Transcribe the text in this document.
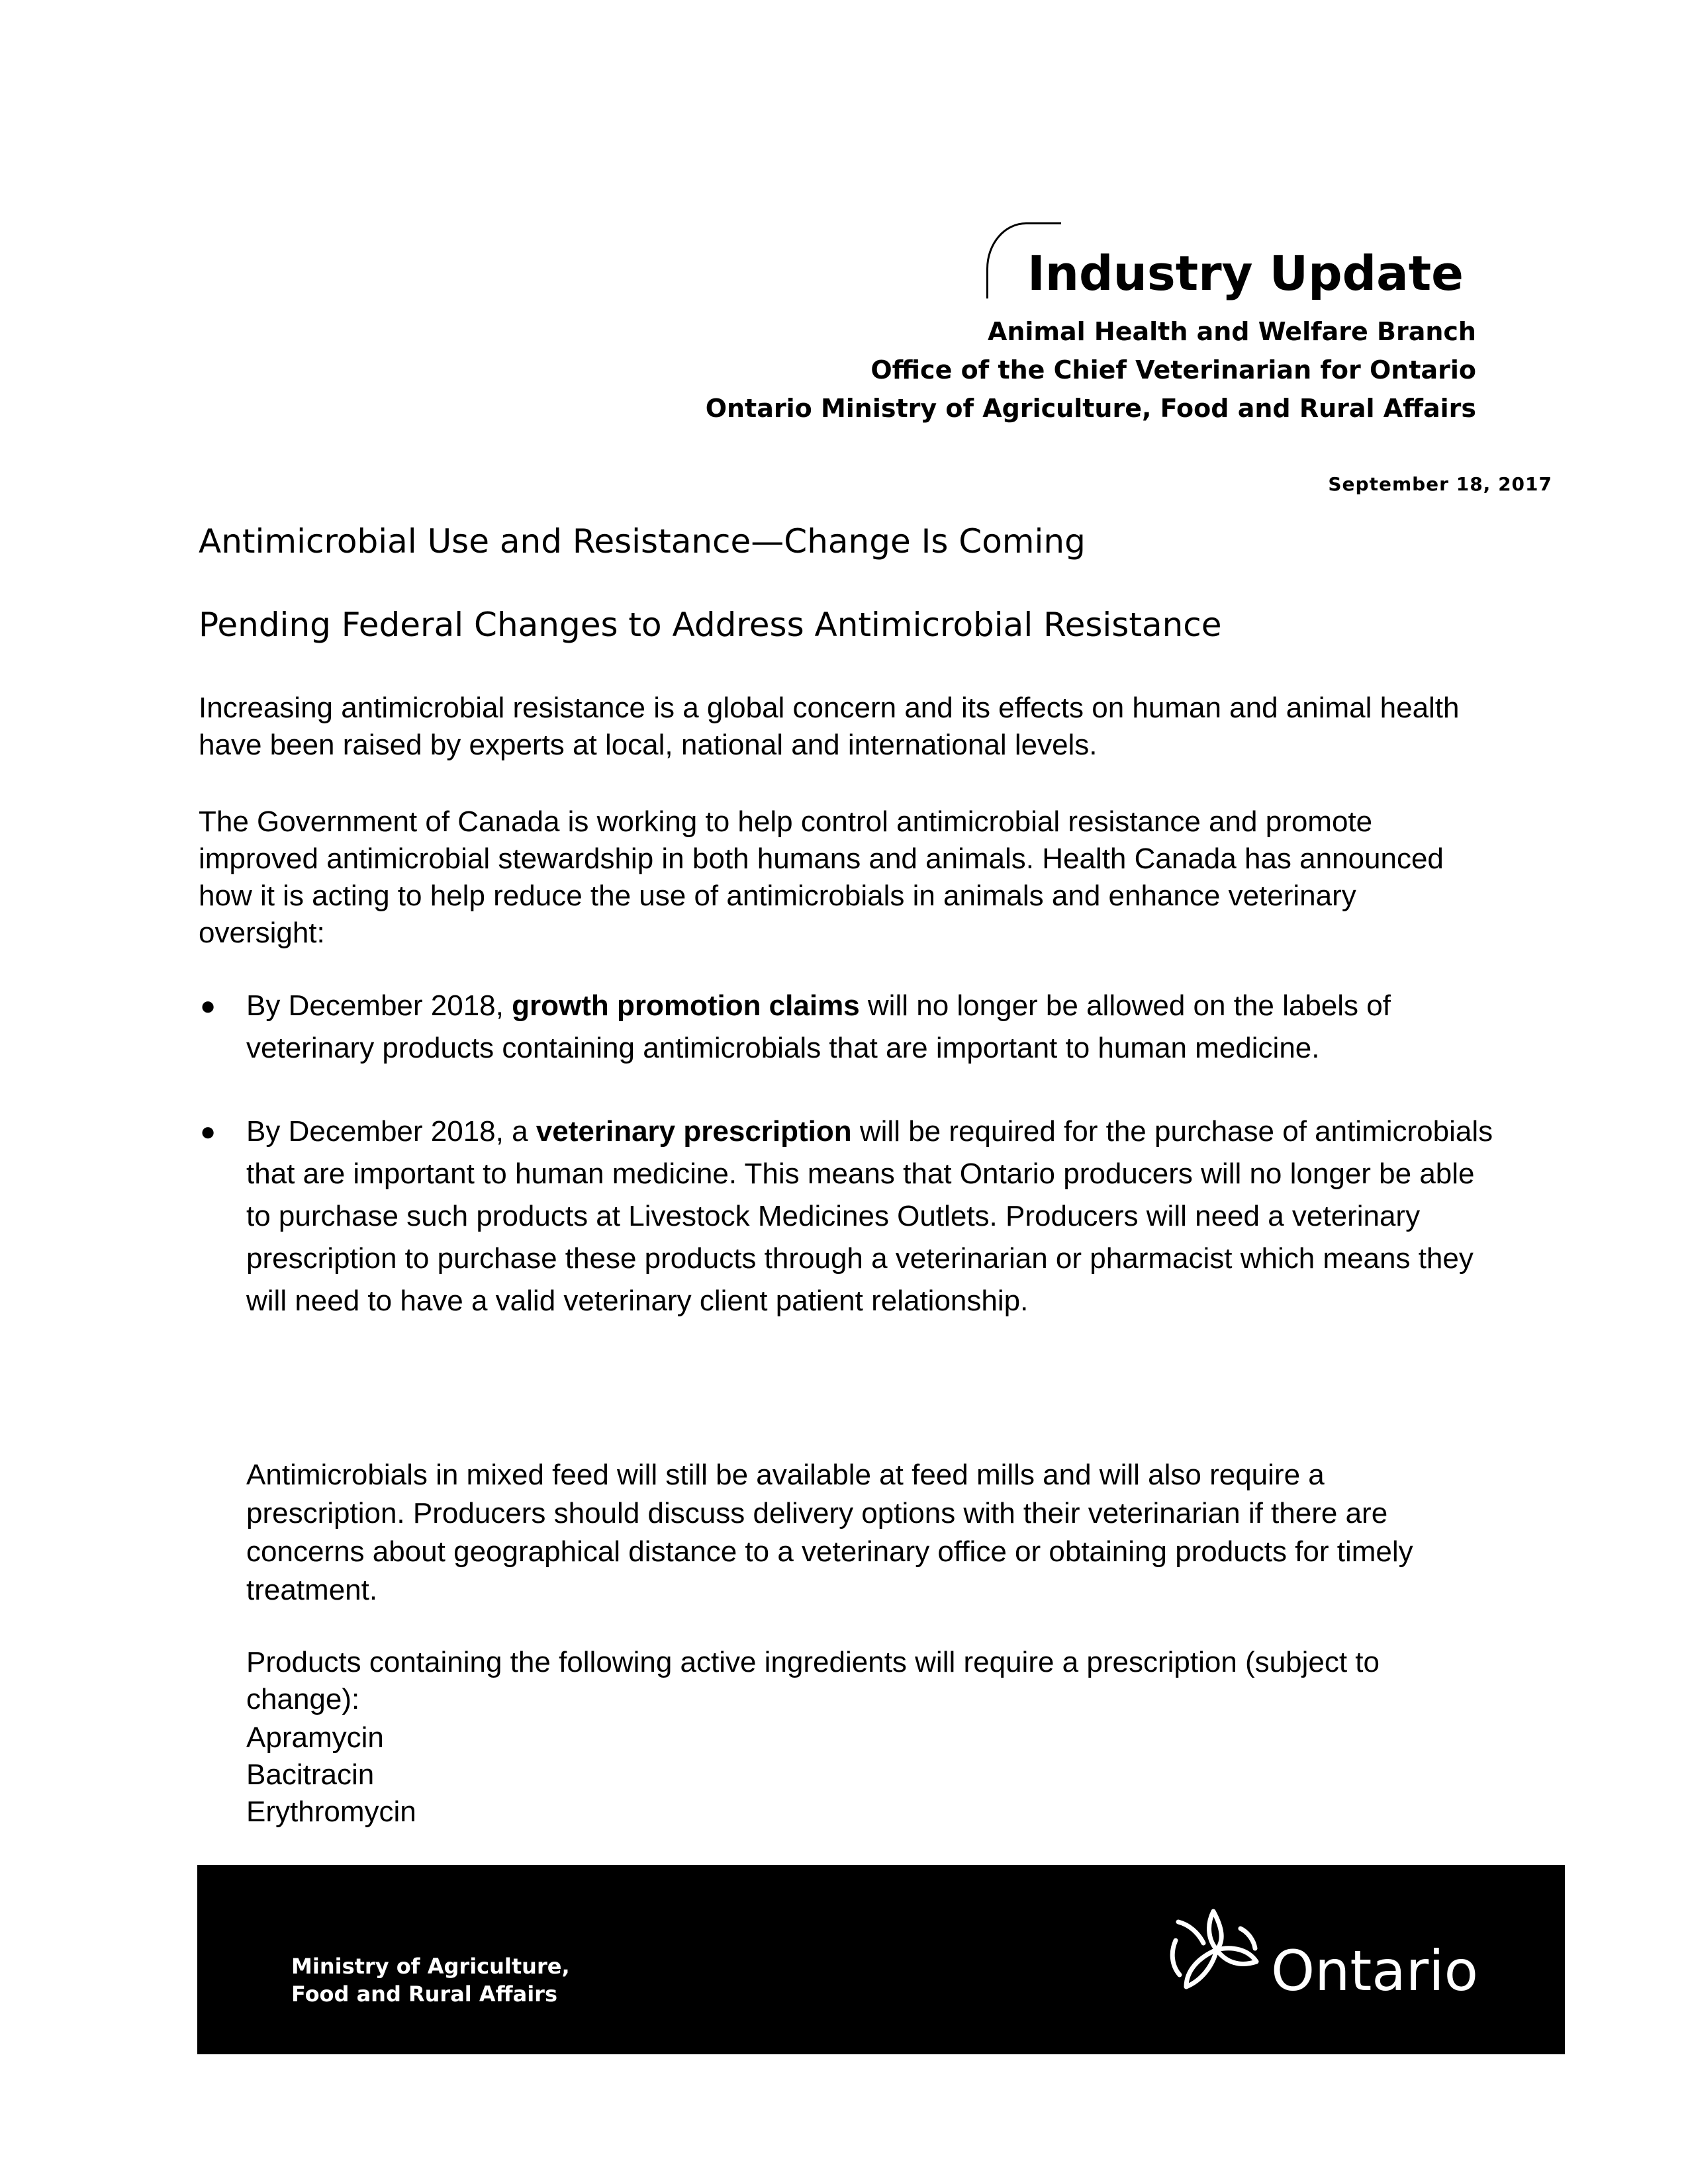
Industry Update
Animal Health and Welfare Branch
Office of the Chief Veterinarian for Ontario
Ontario Ministry of Agriculture, Food and Rural Affairs
September 18, 2017
Antimicrobial Use and Resistance—Change Is Coming
Pending Federal Changes to Address Antimicrobial Resistance
Increasing antimicrobial resistance is a global concern and its effects on human and animal health have been raised by experts at local, national and international levels.
The Government of Canada is working to help control antimicrobial resistance and promote improved antimicrobial stewardship in both humans and animals. Health Canada has announced how it is acting to help reduce the use of antimicrobials in animals and enhance veterinary oversight:
● By December 2018, growth promotion claims will no longer be allowed on the labels of veterinary products containing antimicrobials that are important to human medicine.
● By December 2018, a veterinary prescription will be required for the purchase of antimicrobials that are important to human medicine. This means that Ontario producers will no longer be able to purchase such products at Livestock Medicines Outlets. Producers will need a veterinary prescription to purchase these products through a veterinarian or pharmacist which means they will need to have a valid veterinary client patient relationship.
Antimicrobials in mixed feed will still be available at feed mills and will also require a prescription. Producers should discuss delivery options with their veterinarian if there are concerns about geographical distance to a veterinary office or obtaining products for timely treatment.
Products containing the following active ingredients will require a prescription (subject to change):
Apramycin
Bacitracin
Erythromycin
Ministry of Agriculture,
Food and Rural Affairs	Ontario
